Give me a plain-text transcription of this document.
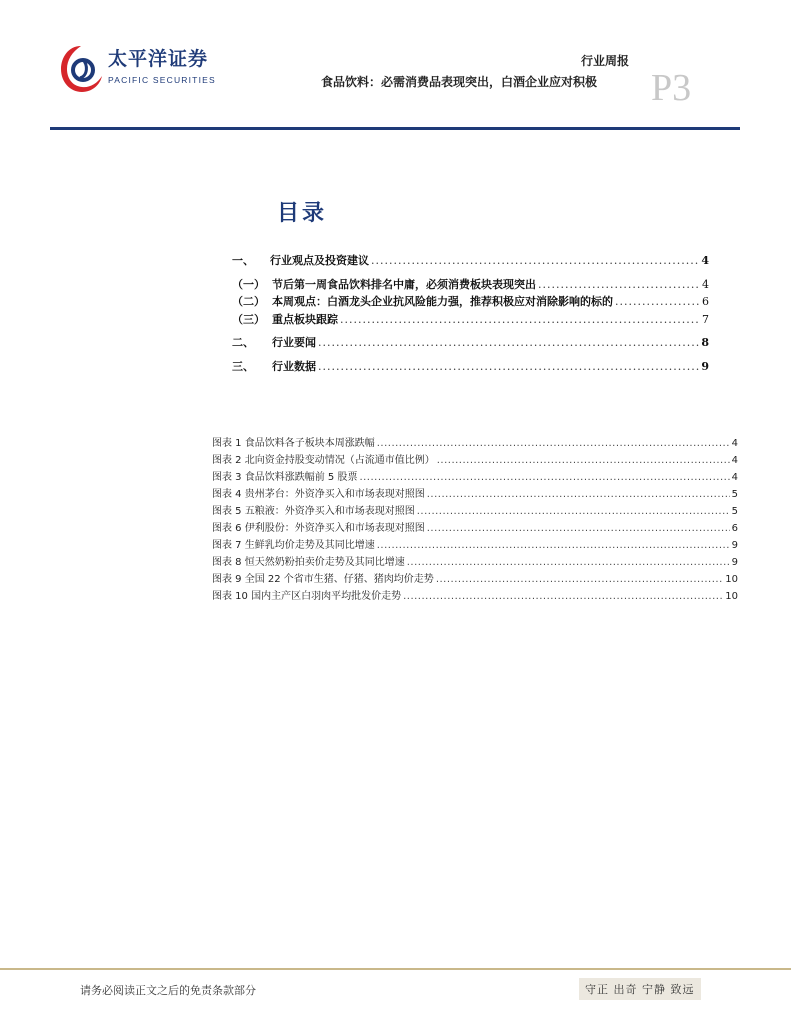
太平洋证券
PACIFIC SECURITIES
行业周报
食品饮料：必需消费品表现突出，白酒企业应对积极 P3
目录
一、	行业观点及投资建议 .....	4
（一） 节后第一周食品饮料排名中庸，必须消费板块表现突出 .....	4
（二） 本周观点：白酒龙头企业抗风险能力强，推荐积极应对消除影响的标的 .....	6
（三） 重点板块跟踪 .....	7
二、	行业要闻 .....	8
三、	行业数据 .....	9
图表 1 食品饮料各子板块本周涨跌幅 .....	4
图表 2 北向资金持股变动情况（占流通市值比例） .....	4
图表 3 食品饮料涨跌幅前 5 股票 .....	4
图表 4 贵州茅台：外资净买入和市场表现对照图 .....	5
图表 5 五粮液：外资净买入和市场表现对照图 .....	5
图表 6 伊利股份：外资净买入和市场表现对照图 .....	6
图表 7 生鲜乳均价走势及其同比增速 .....	9
图表 8 恒天然奶粉拍卖价走势及其同比增速 .....	9
图表 9 全国 22 个省市生猪、仔猪、猪肉均价走势 .....	10
图表 10 国内主产区白羽肉平均批发价走势 .....	10
请务必阅读正文之后的免责条款部分	守正 出奇 宁静 致远
